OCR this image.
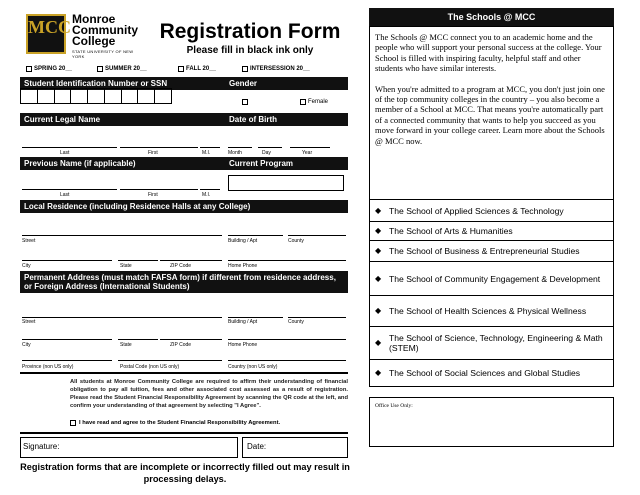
MCC Monroe
Community
College
STATE UNIVERSITY OF NEW YORK
Registration Form
Please fill in black ink only
SPRING 20__	SUMMER 20__	FALL 20__	INTERSESSION 20__
Student Identification Number or SSN	Gender
Female
Current Legal Name	Date of Birth
Last	First	M.I.	Month	Day	Year
Previous Name (if applicable)	Current Program
Last	First	M.I.
Local Residence (including Residence Halls at any College)
Street	Building / Apt	County
City	State	ZIP Code	Home Phone
Permanent Address (must match FAFSA form) if different from residence address,
or Foreign Address (International Students)
Street	Building / Apt	County
City	State	ZIP Code	Home Phone
Province (non US only)	Postal Code (non US only)	Country (non US only)
All students at Monroe Community College are required to affirm their understanding of financial obligation to pay all tuition, fees and other associated cost assessed as a result of registration. Please read the Student Financial Responsibility Agreement by scanning the QR code at the left, and confirm your understanding of that agreement by selecting "I Agree".
I have read and agree to the Student Financial Responsibility Agreement.
Signature:	Date:
Registration forms that are incomplete or incorrectly filled out may result in processing delays.
The Schools @ MCC

The Schools @ MCC connect you to an academic home and the people who will support your personal success at the college. Your School is filled with inspiring faculty, helpful staff and other students who have similar interests.

When you're admitted to a program at MCC, you don't just join one of the top community colleges in the country – you also become a member of a School at MCC. That means you're automatically part of a connected community that wants to help you succeed as you move forward in your college career. Learn more about the Schools @ MCC now.

◆ The School of Applied Sciences & Technology
◆ The School of Arts & Humanities
◆ The School of Business & Entrepreneurial Studies
◆ The School of Community Engagement & Development
◆ The School of Health Sciences & Physical Wellness
◆ The School of Science, Technology, Engineering & Math (STEM)
◆ The School of Social Sciences and Global Studies
Office Use Only:
